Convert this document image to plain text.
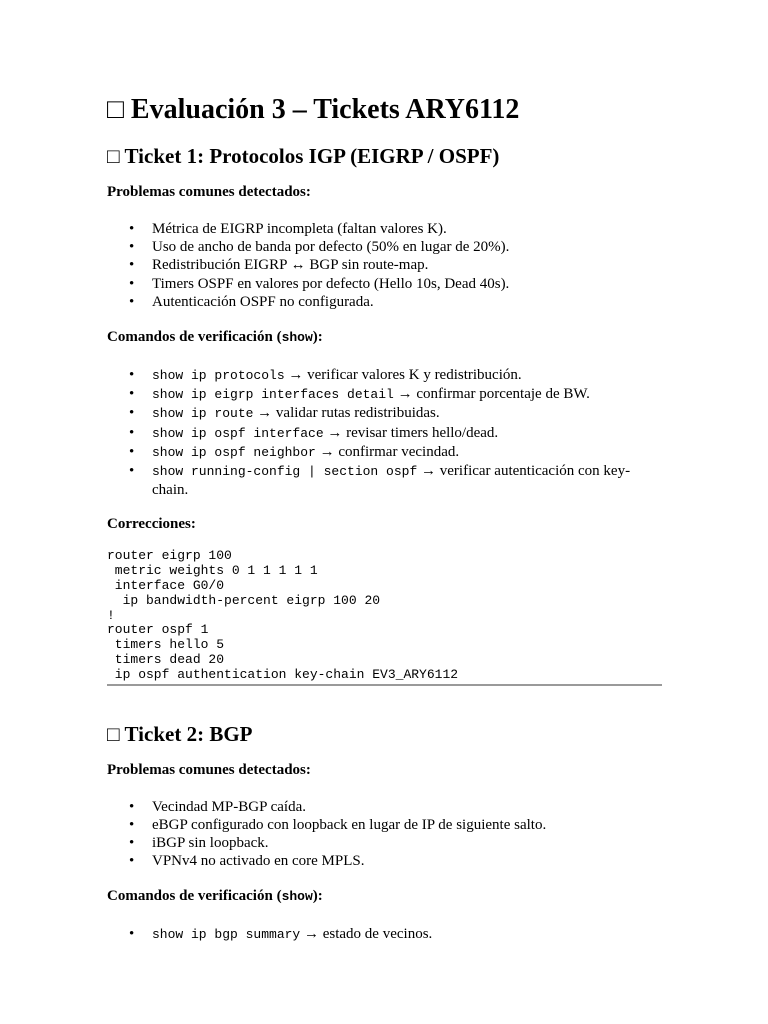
□ Evaluación 3 – Tickets ARY6112
□ Ticket 1: Protocolos IGP (EIGRP / OSPF)

Problemas comunes detectados:

• Métrica de EIGRP incompleta (faltan valores K).
• Uso de ancho de banda por defecto (50% en lugar de 20%).
• Redistribución EIGRP ↔ BGP sin route-map.
• Timers OSPF en valores por defecto (Hello 10s, Dead 40s).
• Autenticación OSPF no configurada.

Comandos de verificación (show):

• show ip protocols → verificar valores K y redistribución.
• show ip eigrp interfaces detail → confirmar porcentaje de BW.
• show ip route → validar rutas redistribuidas.
• show ip ospf interface → revisar timers hello/dead.
• show ip ospf neighbor → confirmar vecindad.
• show running-config | section ospf → verificar autenticación con key-chain.

Correcciones:

router eigrp 100
metric weights 0 1 1 1 1 1
interface G0/0
ip bandwidth-percent eigrp 100 20
!
router ospf 1
timers hello 5
timers dead 20
ip ospf authentication key-chain EV3_ARY6112
□ Ticket 2: BGP

Problemas comunes detectados:

• Vecindad MP-BGP caída.
• eBGP configurado con loopback en lugar de IP de siguiente salto.
• iBGP sin loopback.
• VPNv4 no activado en core MPLS.

Comandos de verificación (show):

• show ip bgp summary → estado de vecinos.
